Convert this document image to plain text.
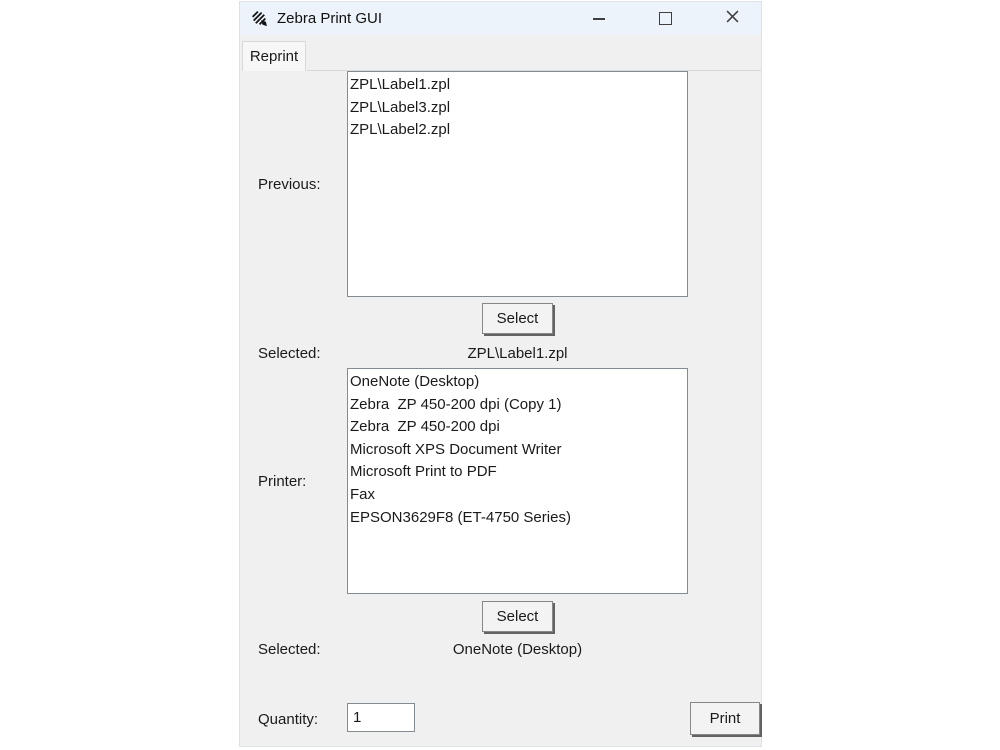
Zebra Print GUI
Reprint
Previous:
ZPL\Label1.zpl
ZPL\Label3.zpl
ZPL\Label2.zpl
Select
Selected:	ZPL\Label1.zpl
Printer:
OneNote (Desktop)
Zebra  ZP 450-200 dpi (Copy 1)
Zebra  ZP 450-200 dpi
Microsoft XPS Document Writer
Microsoft Print to PDF
Fax
EPSON3629F8 (ET-4750 Series)
Select
Selected:	OneNote (Desktop)
Quantity:
1	Print
